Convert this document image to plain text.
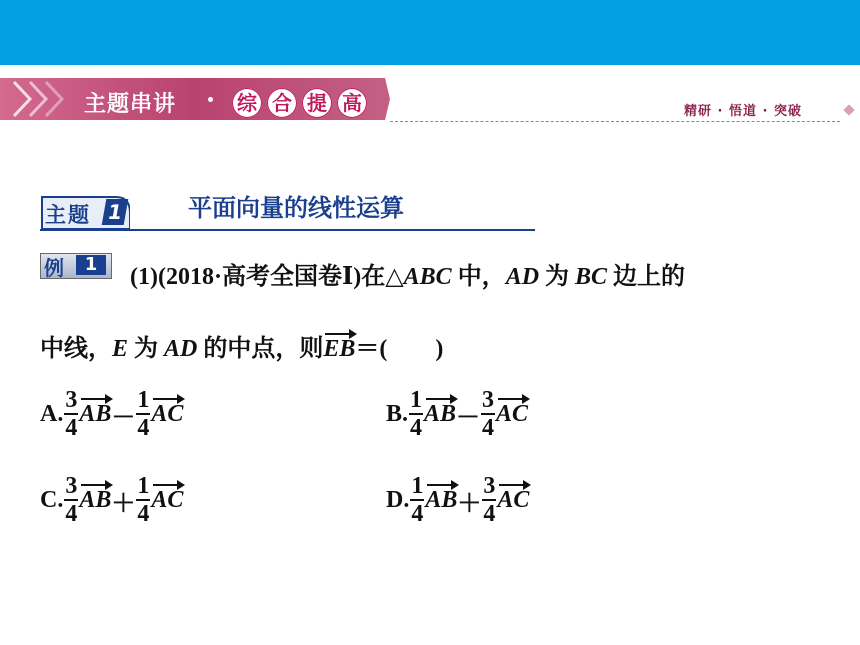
主题串讲	综 合 提 高	精研 · 悟道 · 突破
主题 1	平面向量的线性运算
例	1	(1)(2018·高考全国卷Ⅰ)在△ABC 中，AD 为 BC 边上的
中线，E 为 AD 的中点，则EB＝(　　)
A. $\frac{3}{4}$ AB － $\frac{1}{4}$ AC	B. $\frac{1}{4}$ AB － $\frac{3}{4}$ AC
C. $\frac{3}{4}$ AB ＋ $\frac{1}{4}$ AC	D. $\frac{1}{4}$ AB ＋ $\frac{3}{4}$ AC
